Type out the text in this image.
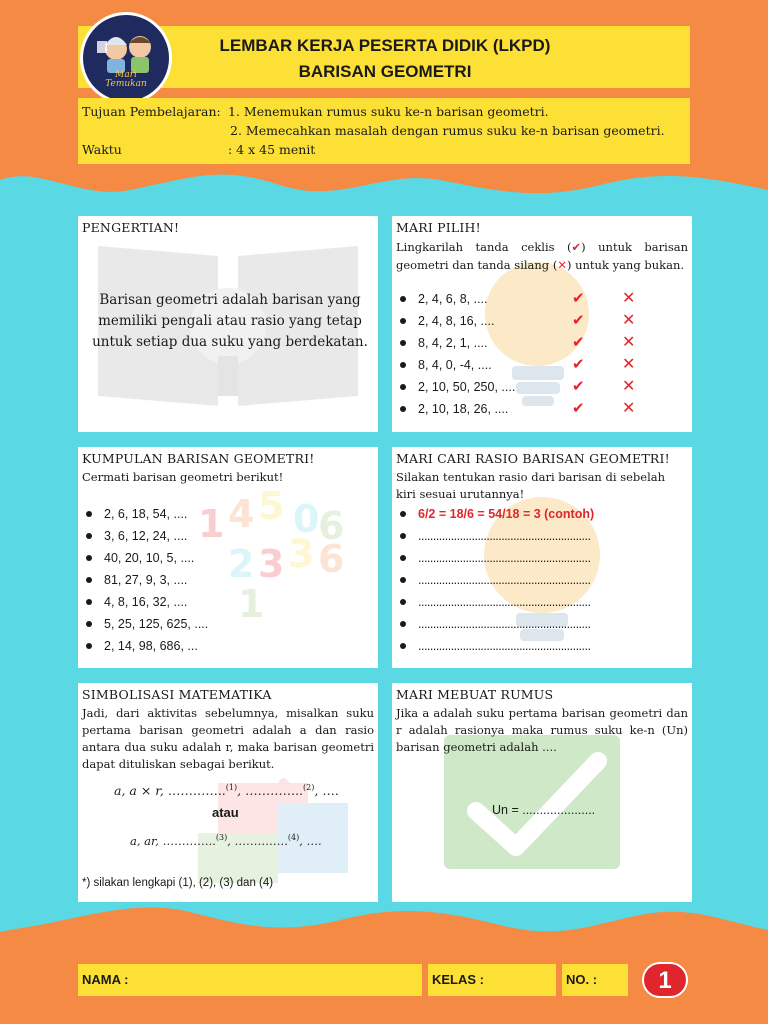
Mari
Temukan
LEMBAR KERJA PESERTA DIDIK (LKPD)
BARISAN GEOMETRI
Tujuan Pembelajaran: 1. Menemukan rumus suku ke-n barisan geometri.
2. Memecahkan masalah dengan rumus suku ke-n barisan geometri.
Waktu	: 4 x 45 menit
PENGERTIAN!
Barisan geometri adalah barisan yang memiliki pengali atau rasio yang tetap untuk setiap dua suku yang berdekatan.
MARI PILIH!
Lingkarilah tanda ceklis (✔) untuk barisan geometri dan tanda silang (✕) untuk yang bukan.
2, 4, 6, 8, ....	✔ ✕
2, 4, 8, 16, ....	✔ ✕
8, 4, 2, 1, ....	✔ ✕
8, 4, 0, -4, ....	✔ ✕
2, 10, 50, 250, ....	✔ ✕
2, 10, 18, 26, ....	✔ ✕
1 4 5 0
6
2 3 3 6
1
KUMPULAN BARISAN GEOMETRI!
Cermati barisan geometri berikut!
2, 6, 18, 54, ....
3, 6, 12, 24, ....
40, 20, 10, 5, ....
81, 27, 9, 3, ....
4, 8, 16, 32, ....
5, 25, 125, 625, ....
2, 14, 98, 686, ...
MARI CARI RASIO BARISAN GEOMETRI!
Silakan tentukan rasio dari barisan di sebelah kiri sesuai urutannya!
6/2 = 18/6 = 54/18 = 3 (contoh)
..........................................................
..........................................................
..........................................................
..........................................................
..........................................................
..........................................................
SIMBOLISASI MATEMATIKA
Jadi, dari aktivitas sebelumnya, misalkan suku pertama barisan geometri adalah a dan rasio antara dua suku adalah r, maka barisan geometri dapat dituliskan sebagai berikut.
a, a × r, …………..$^{(1)}$, …………..$^{(2)}$, ….
atau
a, ar, …………..$^{(3)}$, …………..$^{(4)}$, ….
*) silakan lengkapi (1), (2), (3) dan (4)
MARI MEBUAT RUMUS
Jika a adalah suku pertama barisan geometri dan r adalah rasionya maka rumus suku ke-n (Un) barisan geometri adalah ....
Un = .....................
NAMA :	KELAS :	NO. :	1
